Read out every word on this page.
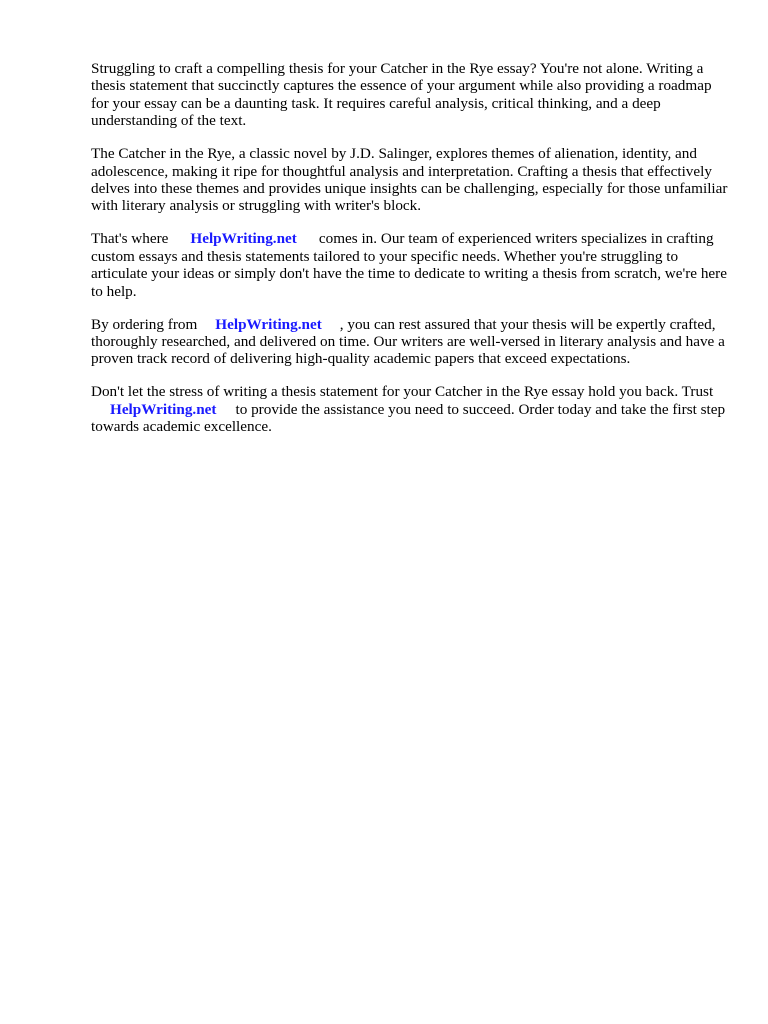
Struggling to craft a compelling thesis for your Catcher in the Rye essay? You're not alone. Writing a thesis statement that succinctly captures the essence of your argument while also providing a roadmap for your essay can be a daunting task. It requires careful analysis, critical thinking, and a deep understanding of the text.

The Catcher in the Rye, a classic novel by J.D. Salinger, explores themes of alienation, identity, and adolescence, making it ripe for thoughtful analysis and interpretation. Crafting a thesis that effectively delves into these themes and provides unique insights can be challenging, especially for those unfamiliar with literary analysis or struggling with writer's block.

That's where HelpWriting.net comes in. Our team of experienced writers specializes in crafting custom essays and thesis statements tailored to your specific needs. Whether you're struggling to articulate your ideas or simply don't have the time to dedicate to writing a thesis from scratch, we're here to help.

By ordering from HelpWriting.net , you can rest assured that your thesis will be expertly crafted, thoroughly researched, and delivered on time. Our writers are well-versed in literary analysis and have a proven track record of delivering high-quality academic papers that exceed expectations.

Don't let the stress of writing a thesis statement for your Catcher in the Rye essay hold you back. TrustHelpWriting.net to provide the assistance you need to succeed. Order today and take the first step towards academic excellence.
